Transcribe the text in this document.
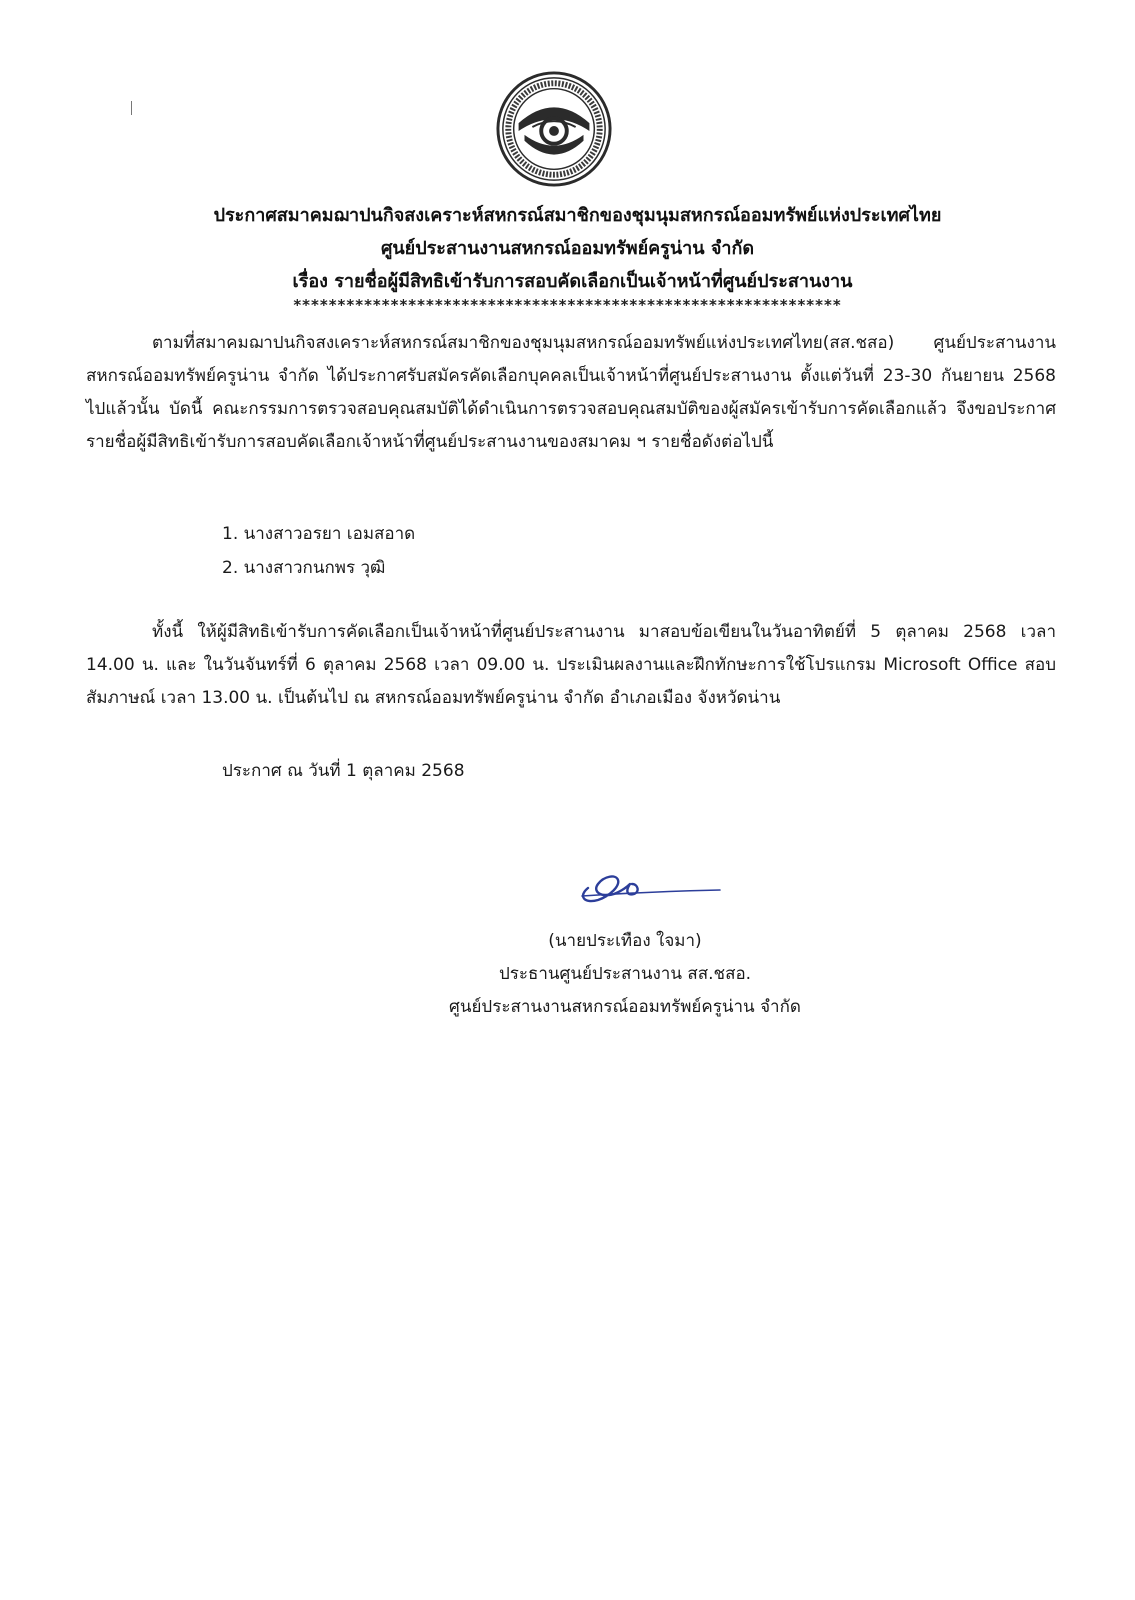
ประกาศสมาคมฌาปนกิจสงเคราะห์สหกรณ์สมาชิกของชุมนุมสหกรณ์ออมทรัพย์แห่งประเทศไทย
ศูนย์ประสานงานสหกรณ์ออมทรัพย์ครูน่าน จำกัด
เรื่อง รายชื่อผู้มีสิทธิเข้ารับการสอบคัดเลือกเป็นเจ้าหน้าที่ศูนย์ประสานงาน
**************************************************************
ตามที่สมาคมฌาปนกิจสงเคราะห์สหกรณ์สมาชิกของชุมนุมสหกรณ์ออมทรัพย์แห่งประเทศไทย(สส.ชสอ) ศูนย์ประสานงานสหกรณ์ออมทรัพย์ครูน่าน จำกัด ได้ประกาศรับสมัครคัดเลือกบุคคลเป็นเจ้าหน้าที่ศูนย์ประสานงาน ตั้งแต่วันที่ 23-30 กันยายน 2568 ไปแล้วนั้น บัดนี้ คณะกรรมการตรวจสอบคุณสมบัติได้ดำเนินการตรวจสอบคุณสมบัติของผู้สมัครเข้ารับการคัดเลือกแล้ว จึงขอประกาศรายชื่อผู้มีสิทธิเข้ารับการสอบคัดเลือกเจ้าหน้าที่ศูนย์ประสานงานของสมาคม ฯ รายชื่อดังต่อไปนี้
1. นางสาวอรยา เอมสอาด
2. นางสาวกนกพร วุฒิ
ทั้งนี้ ให้ผู้มีสิทธิเข้ารับการคัดเลือกเป็นเจ้าหน้าที่ศูนย์ประสานงาน มาสอบข้อเขียนในวันอาทิตย์ที่ 5 ตุลาคม 2568 เวลา 14.00 น. และ ในวันจันทร์ที่ 6 ตุลาคม 2568 เวลา 09.00 น. ประเมินผลงานและฝึกทักษะการใช้โปรแกรม Microsoft Office สอบสัมภาษณ์ เวลา 13.00 น. เป็นต้นไป ณ สหกรณ์ออมทรัพย์ครูน่าน จำกัด อำเภอเมือง จังหวัดน่าน
ประกาศ ณ วันที่ 1 ตุลาคม 2568
(นายประเทือง ใจมา)
ประธานศูนย์ประสานงาน สส.ชสอ.
ศูนย์ประสานงานสหกรณ์ออมทรัพย์ครูน่าน จำกัด
